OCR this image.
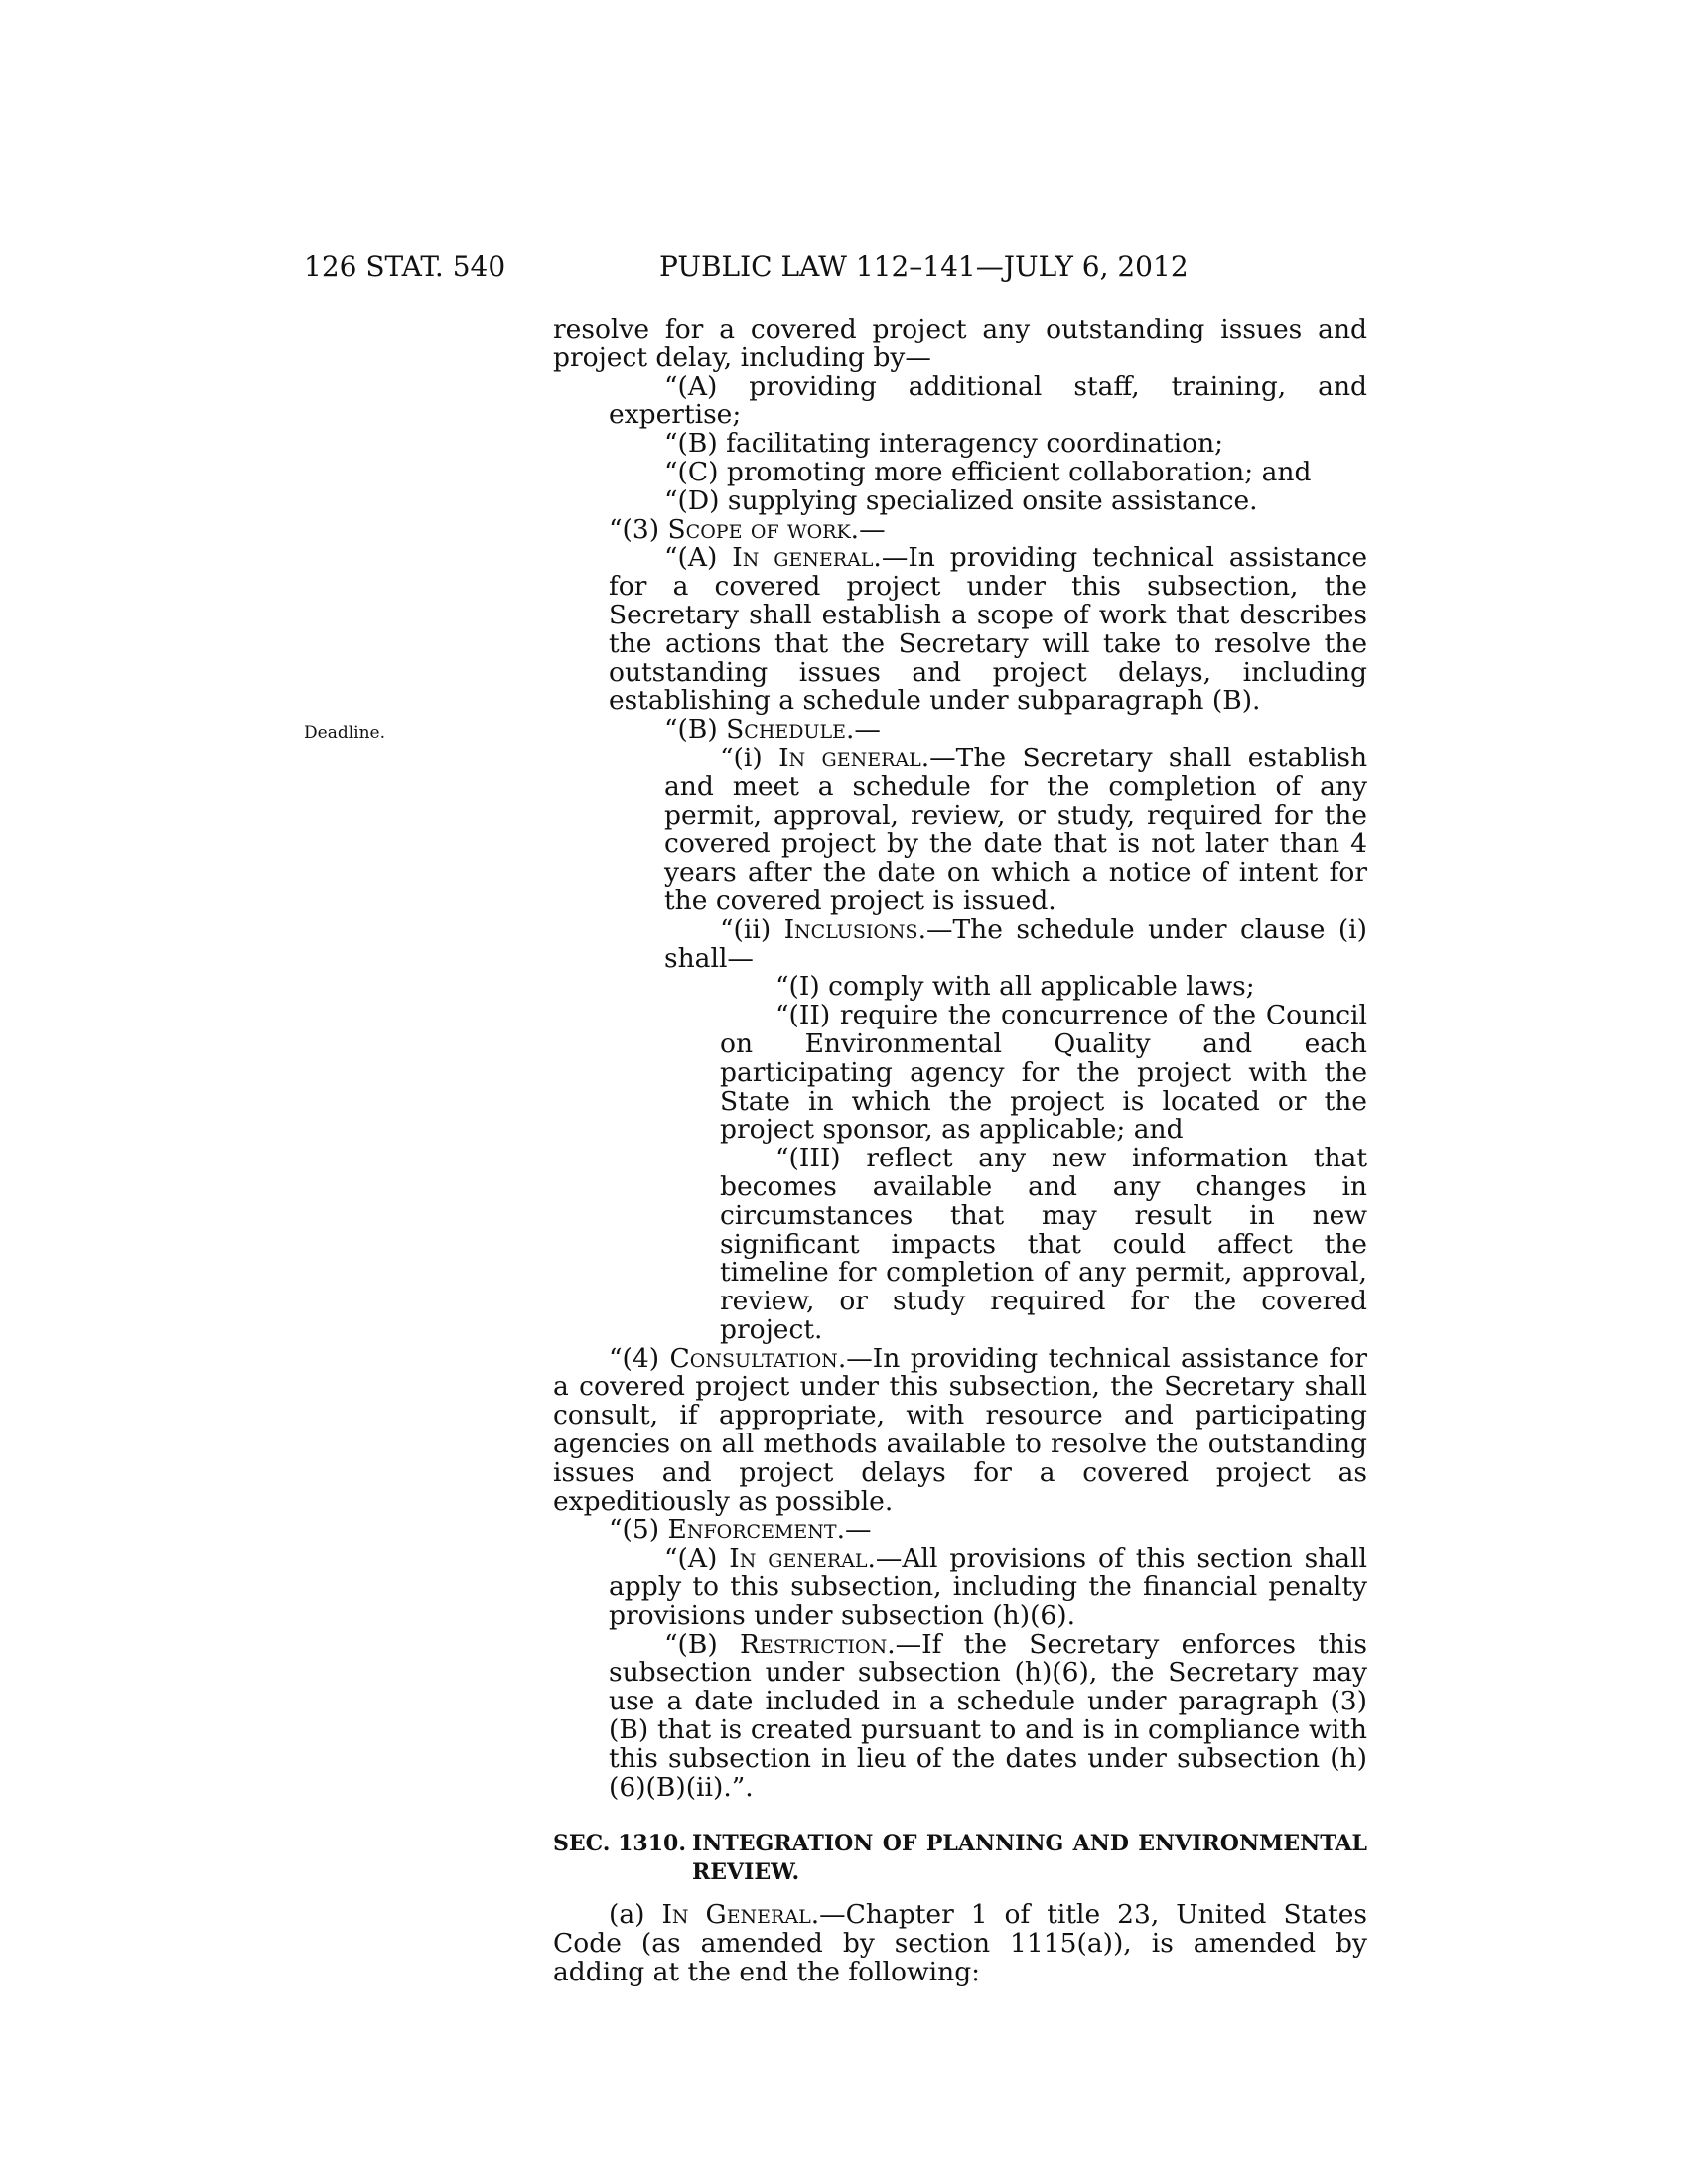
126 STAT. 540	PUBLIC LAW 112–141—JULY 6, 2012
Deadline.

resolve for a covered project any outstanding issues and project delay, including by—

“(A) providing additional staff, training, and expertise;

“(B) facilitating interagency coordination;

“(C) promoting more efficient collaboration; and

“(D) supplying specialized onsite assistance.

“(3) Scope of work.—

“(A) In general.—In providing technical assistance for a covered project under this subsection, the Secretary shall establish a scope of work that describes the actions that the Secretary will take to resolve the outstanding issues and project delays, including establishing a schedule under subparagraph (B).

“(B) Schedule.—

“(i) In general.—The Secretary shall establish and meet a schedule for the completion of any permit, approval, review, or study, required for the covered project by the date that is not later than 4 years after the date on which a notice of intent for the covered project is issued.

“(ii) Inclusions.—The schedule under clause (i) shall—

“(I) comply with all applicable laws;

“(II) require the concurrence of the Council on Environmental Quality and each participating agency for the project with the State in which the project is located or the project sponsor, as applicable; and

“(III) reflect any new information that becomes available and any changes in circumstances that may result in new significant impacts that could affect the timeline for completion of any permit, approval, review, or study required for the covered project.

“(4) Consultation.—In providing technical assistance for a covered project under this subsection, the Secretary shall consult, if appropriate, with resource and participating agencies on all methods available to resolve the outstanding issues and project delays for a covered project as expeditiously as possible.

“(5) Enforcement.—

“(A) In general.—All provisions of this section shall apply to this subsection, including the financial penalty provisions under subsection (h)(6).

“(B) Restriction.—If the Secretary enforces this subsection under subsection (h)(6), the Secretary may use a date included in a schedule under paragraph (3)(B) that is created pursuant to and is in compliance with this subsection in lieu of the dates under subsection (h)(6)(B)(ii).”.

SEC. 1310. INTEGRATION OF PLANNING AND ENVIRONMENTAL REVIEW.

(a) In General.—Chapter 1 of title 23, United States Code (as amended by section 1115(a)), is amended by adding at the end the following:
